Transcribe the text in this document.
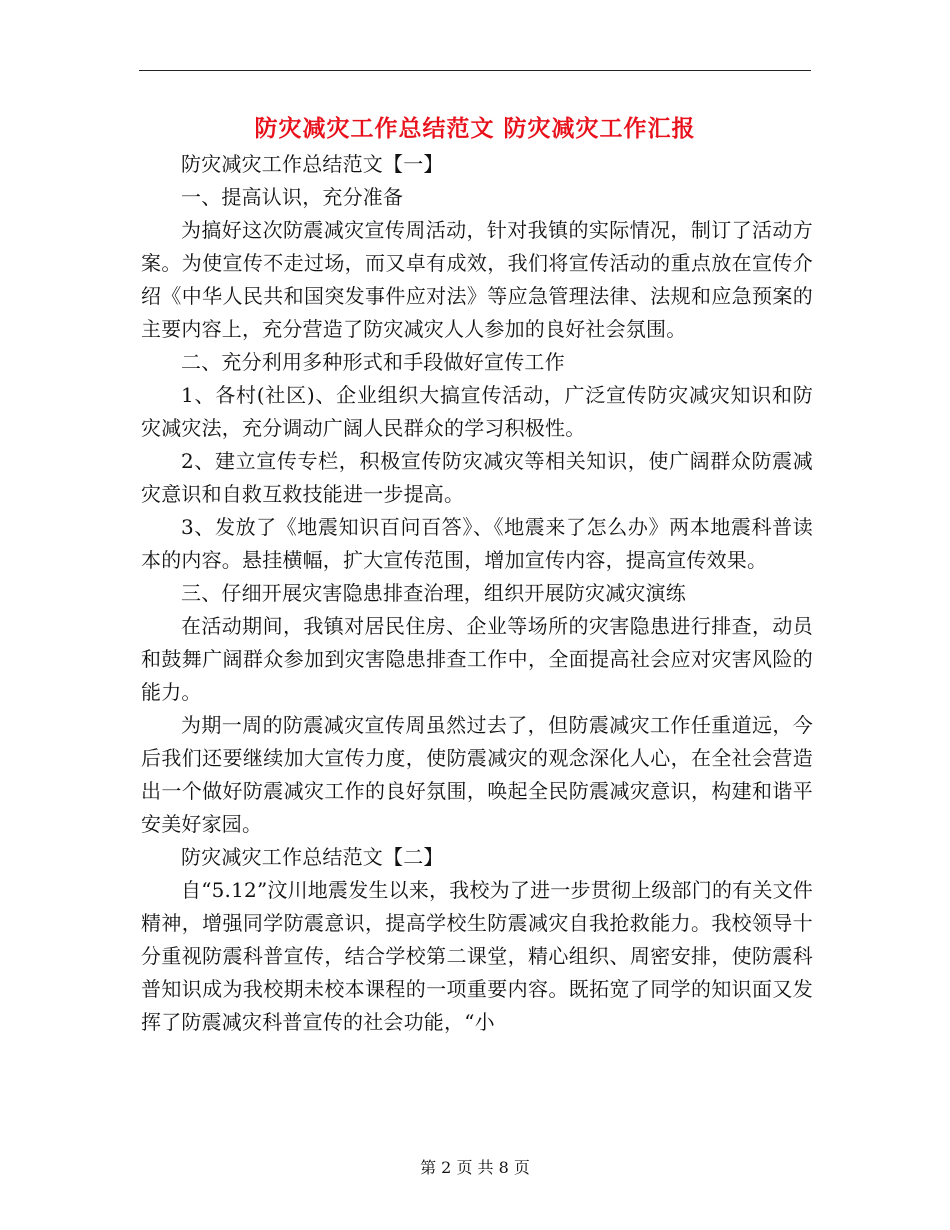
防灾减灾工作总结范文 防灾减灾工作汇报

防灾减灾工作总结范文【一】

一、提高认识，充分准备

为搞好这次防震减灾宣传周活动，针对我镇的实际情况，制订了活动方案。为使宣传不走过场，而又卓有成效，我们将宣传活动的重点放在宣传介绍《中华人民共和国突发事件应对法》等应急管理法律、法规和应急预案的主要内容上，充分营造了防灾减灾人人参加的良好社会氛围。

二、充分利用多种形式和手段做好宣传工作

1、各村(社区)、企业组织大搞宣传活动，广泛宣传防灾减灾知识和防灾减灾法，充分调动广阔人民群众的学习积极性。

2、建立宣传专栏，积极宣传防灾减灾等相关知识，使广阔群众防震减灾意识和自救互救技能进一步提高。

3、发放了《地震知识百问百答》、《地震来了怎么办》两本地震科普读本的内容。悬挂横幅，扩大宣传范围，增加宣传内容，提高宣传效果。

三、仔细开展灾害隐患排查治理，组织开展防灾减灾演练

在活动期间，我镇对居民住房、企业等场所的灾害隐患进行排查，动员和鼓舞广阔群众参加到灾害隐患排查工作中，全面提高社会应对灾害风险的能力。

为期一周的防震减灾宣传周虽然过去了，但防震减灾工作任重道远，今后我们还要继续加大宣传力度，使防震减灾的观念深化人心，在全社会营造出一个做好防震减灾工作的良好氛围，唤起全民防震减灾意识，构建和谐平安美好家园。

防灾减灾工作总结范文【二】

自“5.12”汶川地震发生以来，我校为了进一步贯彻上级部门的有关文件精神，增强同学防震意识，提高学校生防震减灾自我抢救能力。我校领导十分重视防震科普宣传，结合学校第二课堂，精心组织、周密安排，使防震科普知识成为我校期未校本课程的一项重要内容。既拓宽了同学的知识面又发挥了防震减灾科普宣传的社会功能，“小

第 2 页 共 8 页
